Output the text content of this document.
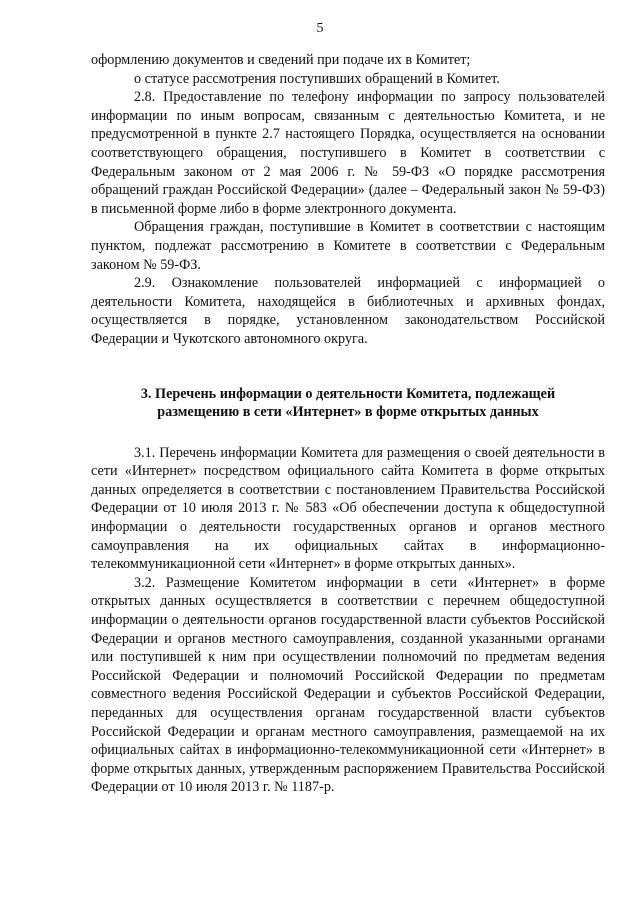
5

оформлению документов и сведений при подаче их в Комитет;

о статусе рассмотрения поступивших обращений в Комитет.

2.8. Предоставление по телефону информации по запросу пользователей информации по иным вопросам, связанным с деятельностью Комитета, и не предусмотренной в пункте 2.7 настоящего Порядка, осуществляется на основании соответствующего обращения, поступившего в Комитет в соответствии с Федеральным законом от 2 мая 2006 г. № 59-ФЗ «О порядке рассмотрения обращений граждан Российской Федерации» (далее – Федеральный закон № 59-ФЗ) в письменной форме либо в форме электронного документа.

Обращения граждан, поступившие в Комитет в соответствии с настоящим пунктом, подлежат рассмотрению в Комитете в соответствии с Федеральным законом № 59-ФЗ.

2.9. Ознакомление пользователей информацией с информацией о деятельности Комитета, находящейся в библиотечных и архивных фондах, осуществляется в порядке, установленном законодательством Российской Федерации и Чукотского автономного округа.

3. Перечень информации о деятельности Комитета, подлежащей
размещению в сети «Интернет» в форме открытых данных

3.1. Перечень информации Комитета для размещения о своей деятельности в сети «Интернет» посредством официального сайта Комитета в форме открытых данных определяется в соответствии с постановлением Правительства Российской Федерации от 10 июля 2013 г. № 583 «Об обеспечении доступа к общедоступной информации о деятельности государственных органов и органов местного самоуправления на их официальных сайтах в информационно-телекоммуникационной сети «Интернет» в форме открытых данных».

3.2. Размещение Комитетом информации в сети «Интернет» в форме открытых данных осуществляется в соответствии с перечнем общедоступной информации о деятельности органов государственной власти субъектов Российской Федерации и органов местного самоуправления, созданной указанными органами или поступившей к ним при осуществлении полномочий по предметам ведения Российской Федерации и полномочий Российской Федерации по предметам совместного ведения Российской Федерации и субъектов Российской Федерации, переданных для осуществления органам государственной власти субъектов Российской Федерации и органам местного самоуправления, размещаемой на их официальных сайтах в информационно-телекоммуникационной сети «Интернет» в форме открытых данных, утвержденным распоряжением Правительства Российской Федерации от 10 июля 2013 г. № 1187-р.
